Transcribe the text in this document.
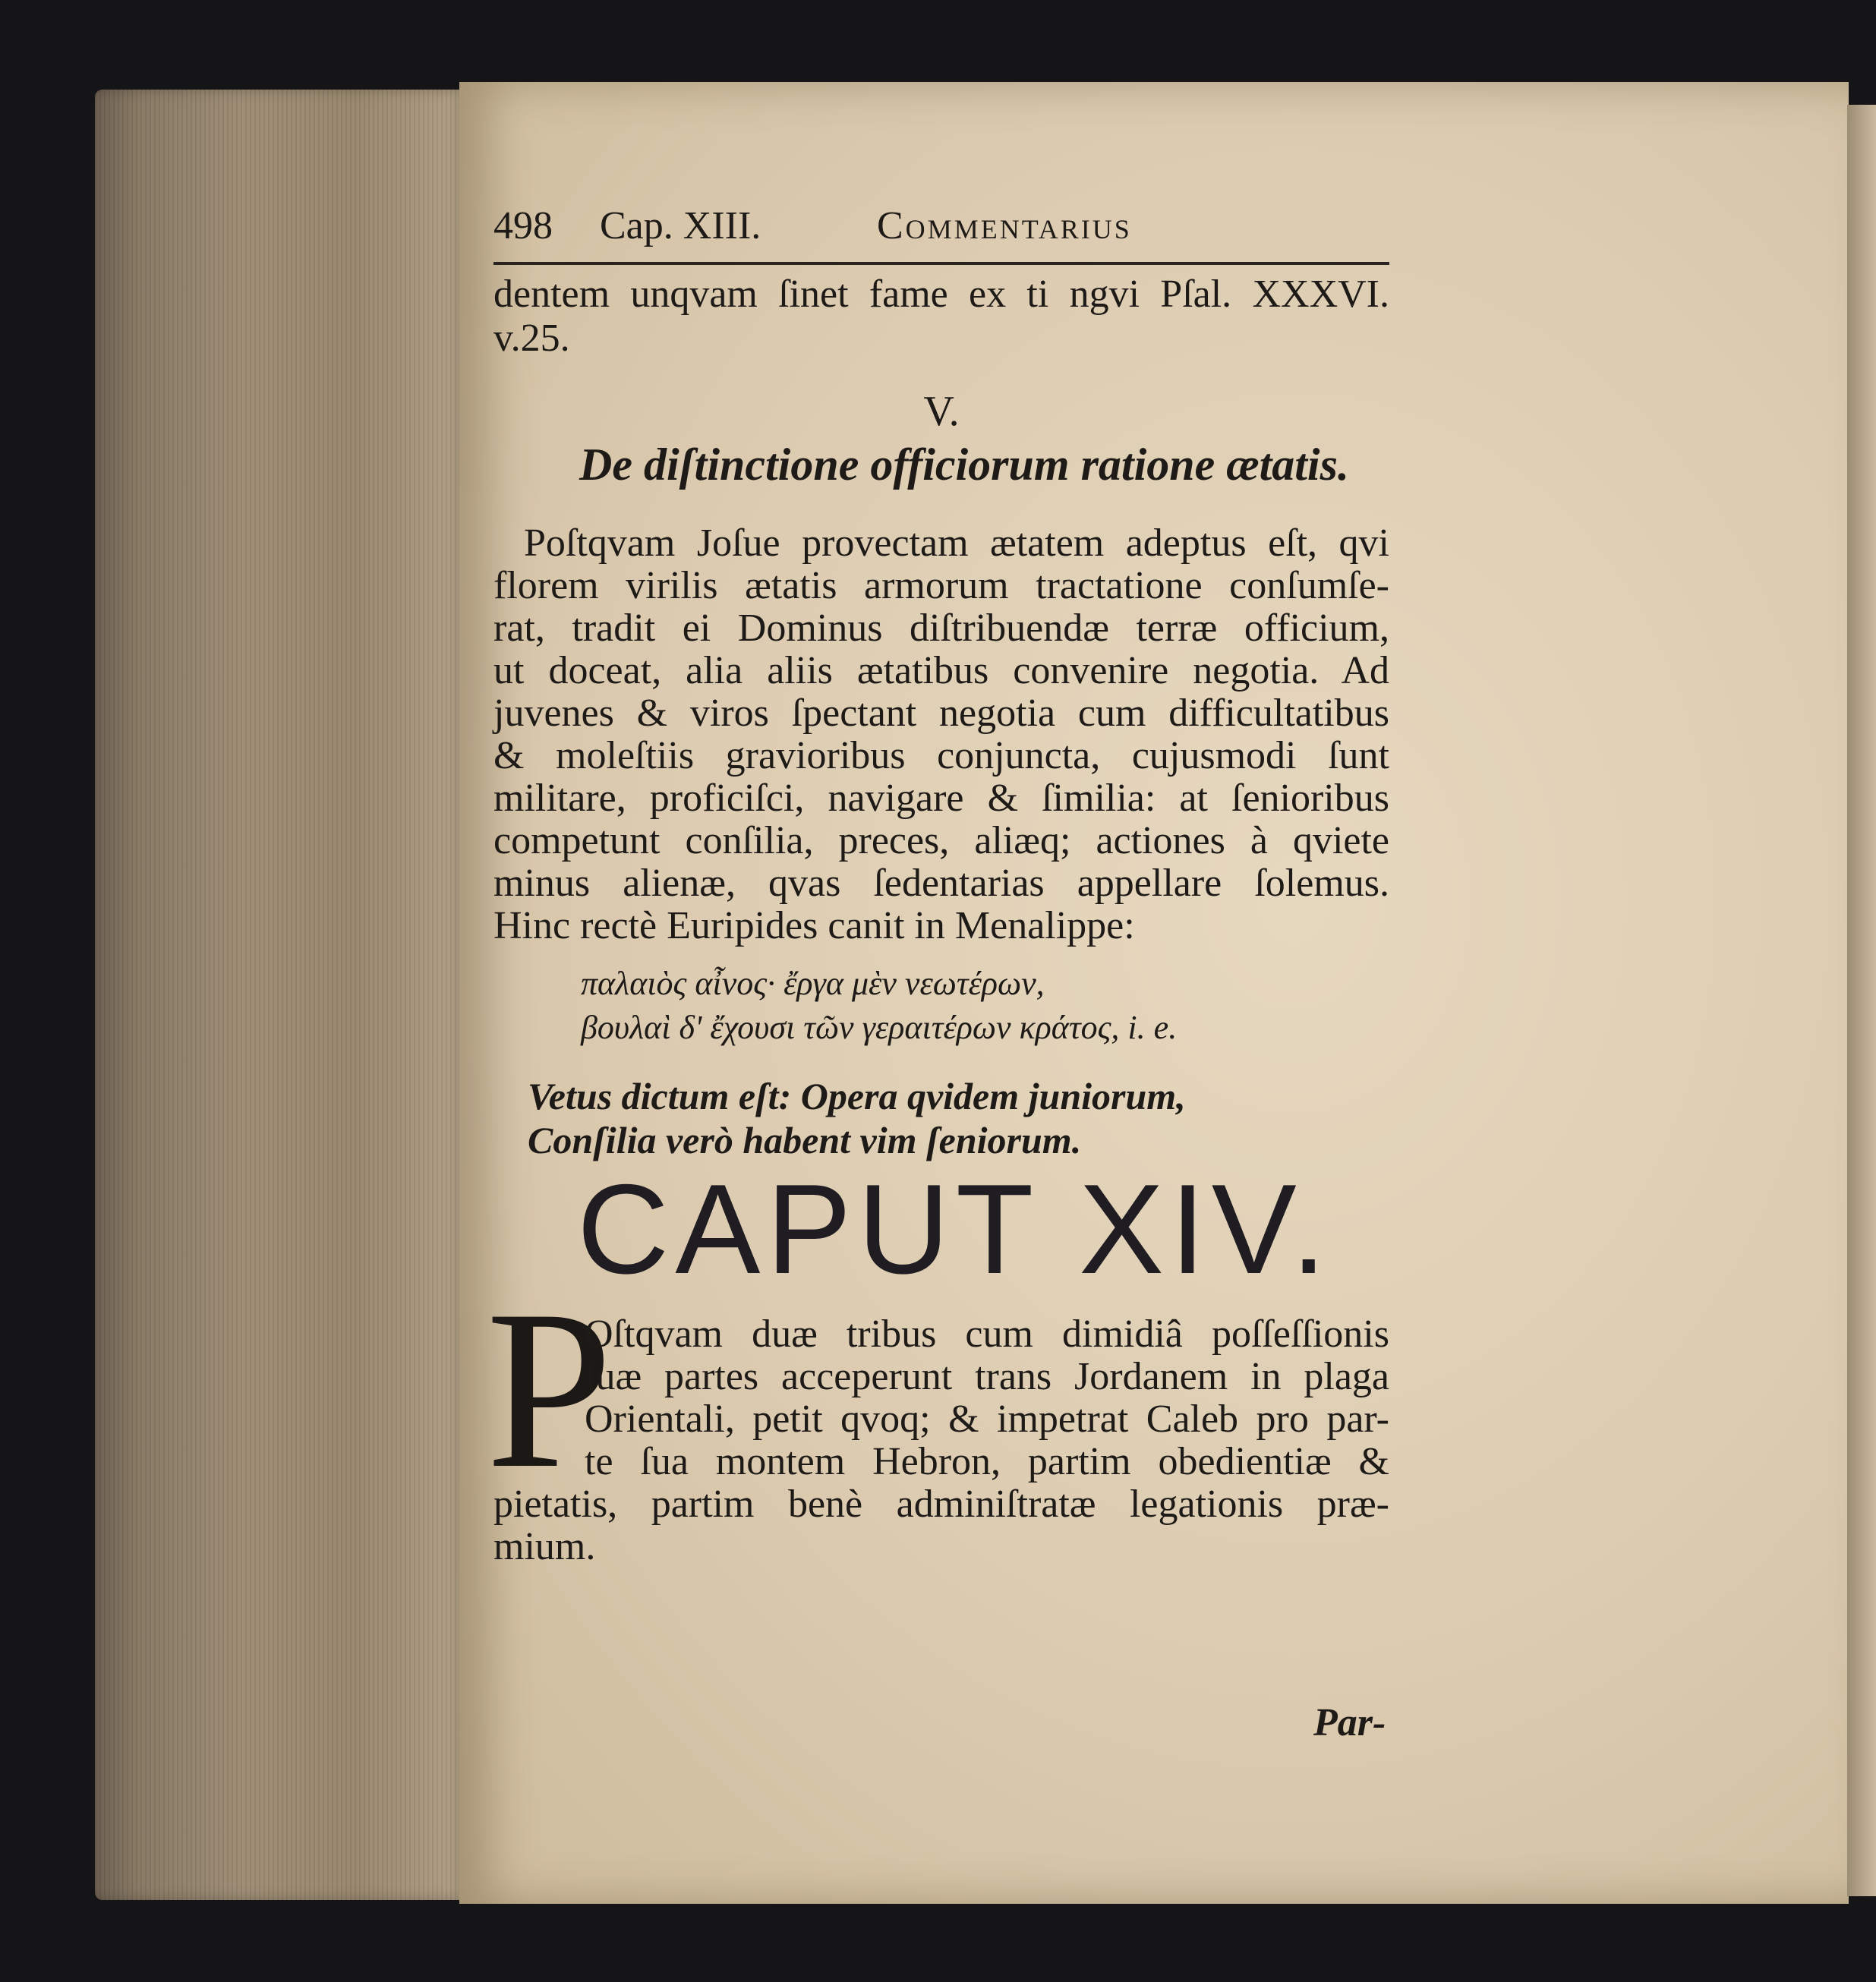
498 Cap. XIII.	Commentarius
dentem unqvam ſinet fame ex ti ngvi Pſal. XXXVI.
v.25.
V.
De diſtinctione officiorum ratione ætatis.
Poſtqvam Joſue provectam ætatem adeptus eſt, qvi
florem virilis ætatis armorum tractatione conſumſe-
rat, tradit ei Dominus diſtribuendæ terræ officium,
ut doceat, alia aliis ætatibus convenire negotia. Ad
juvenes & viros ſpectant negotia cum difficultatibus
& moleſtiis gravioribus conjuncta, cujusmodi ſunt
militare, proficiſci, navigare & ſimilia: at ſenioribus
competunt conſilia, preces, aliæq; actiones à qviete
minus alienæ, qvas ſedentarias appellare ſolemus.
Hinc rectè Euripides canit in Menalippe:
παλαιὸς αἶνος· ἔργα μὲν νεωτέρων,
βουλαὶ δ' ἔχουσι τῶν γεραιτέρων κράτος, i. e.
Vetus dictum eſt: Opera qvidem juniorum,
Conſilia verò habent vim ſeniorum.
CAPUT XIV.
P
Oſtqvam duæ tribus cum dimidiâ poſſeſſionis
ſuæ partes acceperunt trans Jordanem in plaga
Orientali, petit qvoq; & impetrat Caleb pro par-
te ſua montem Hebron, partim obedientiæ &
pietatis, partim benè adminiſtratæ legationis præ-
mium.
Par-
